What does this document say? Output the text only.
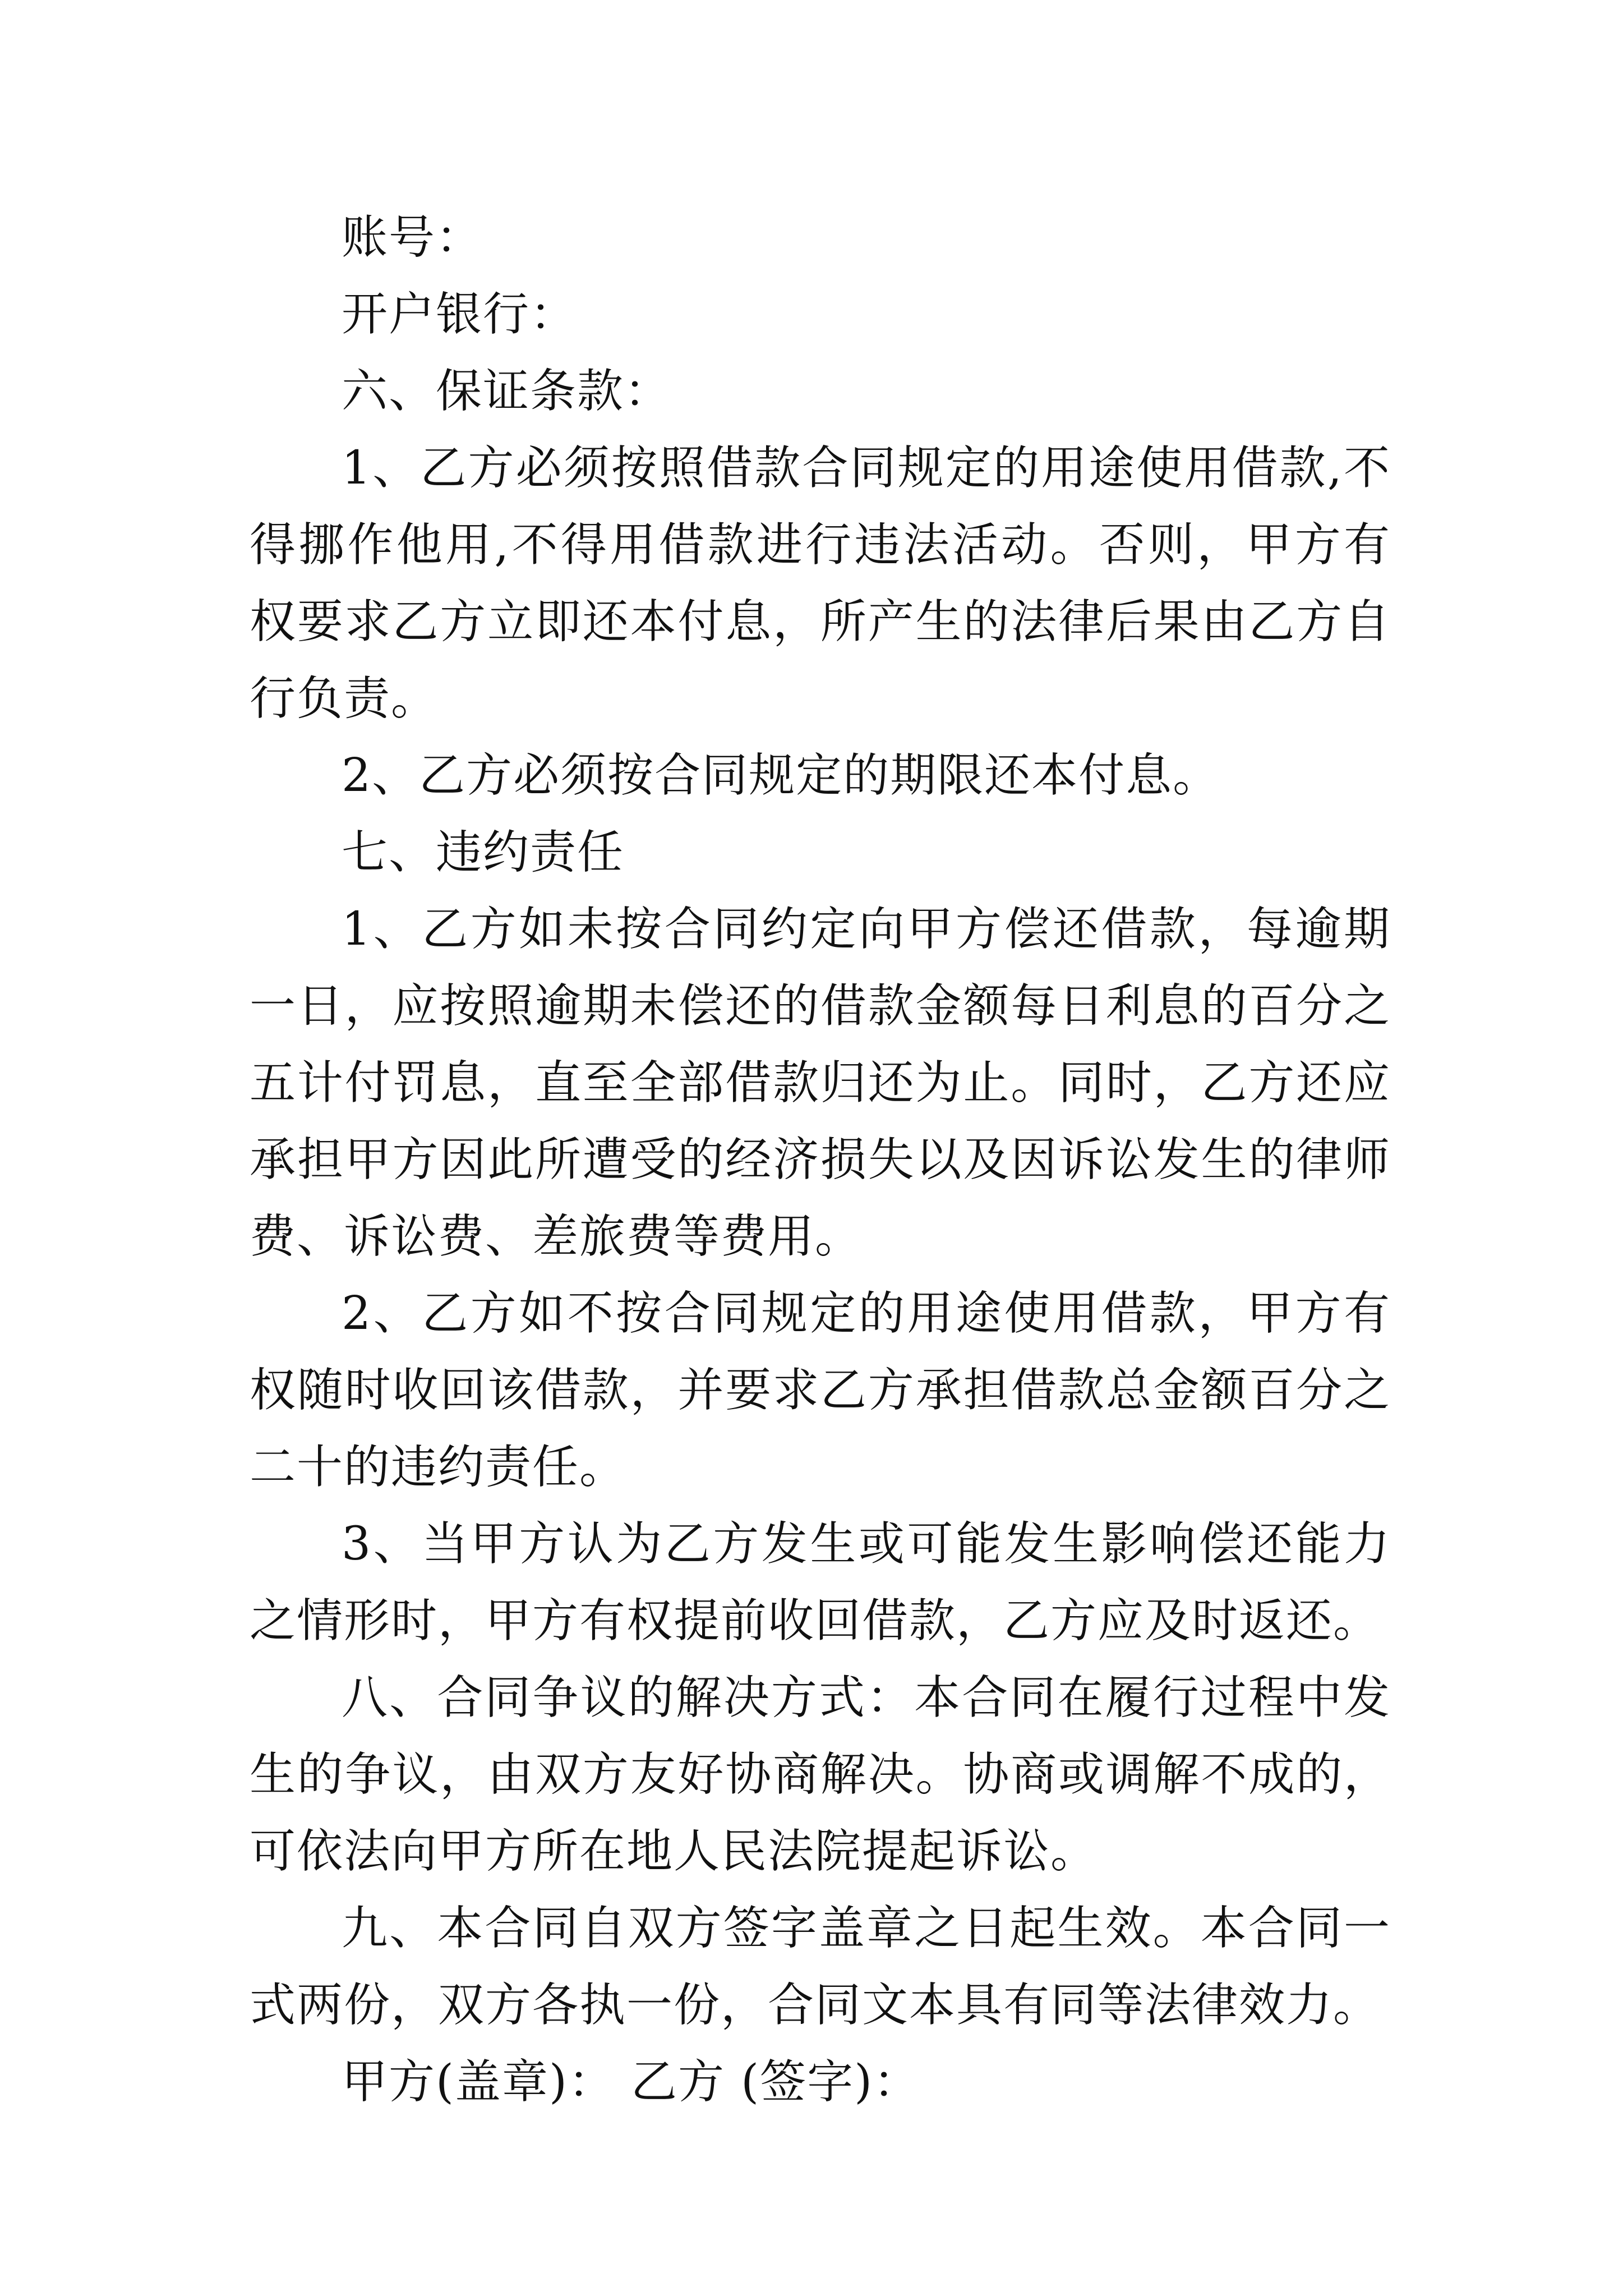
账号：

开户银行：

六、保证条款：

1、乙方必须按照借款合同规定的用途使用借款,不得挪作他用,不得用借款进行违法活动。否则，甲方有权要求乙方立即还本付息，所产生的法律后果由乙方自行负责。

2、乙方必须按合同规定的期限还本付息。

七、违约责任

1、乙方如未按合同约定向甲方偿还借款，每逾期一日，应按照逾期未偿还的借款金额每日利息的百分之五计付罚息，直至全部借款归还为止。同时，乙方还应承担甲方因此所遭受的经济损失以及因诉讼发生的律师费、诉讼费、差旅费等费用。

2、乙方如不按合同规定的用途使用借款，甲方有权随时收回该借款，并要求乙方承担借款总金额百分之二十的违约责任。

3、当甲方认为乙方发生或可能发生影响偿还能力之情形时，甲方有权提前收回借款，乙方应及时返还。

八、合同争议的解决方式：本合同在履行过程中发生的争议，由双方友好协商解决。协商或调解不成的，可依法向甲方所在地人民法院提起诉讼。

九、本合同自双方签字盖章之日起生效。本合同一式两份，双方各执一份，合同文本具有同等法律效力。

甲方(盖章)： 乙方 (签字)：
